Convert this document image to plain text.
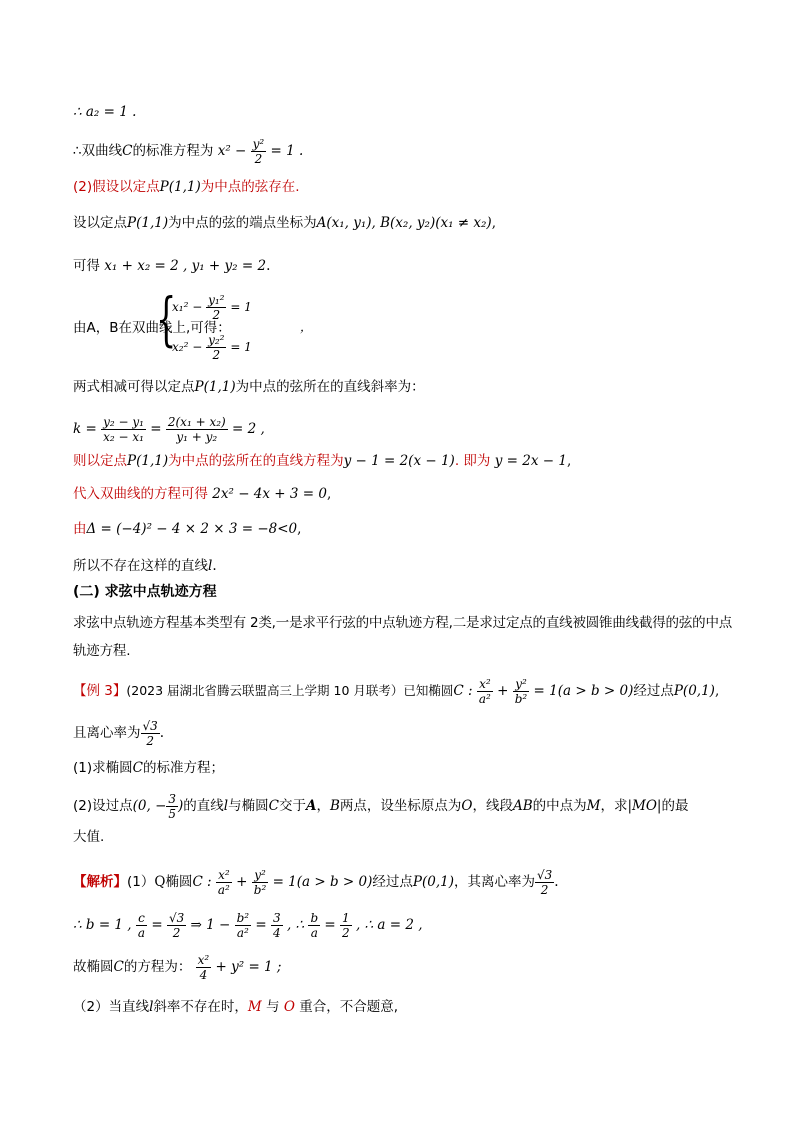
∴ a₂ = 1 .
∴双曲线C的标准方程为 $x^2 - \frac{\text{y²}}{2} = 1$ .
(2)假设以定点P(1,1)为中点的弦存在.
设以定点P(1,1)为中点的弦的端点坐标为A(x₁, y₁), B(x₂, y₂)(x₁ ≠ x₂),
可得 x₁ + x₂ = 2 , y₁ + y₂ = 2.
由A，B在双曲线上,可得：
{
$x_1^2 - \frac{\text{y₁²}}{2} = 1$
$x_2^2 - \frac{\text{y₂²}}{2} = 1$
，
两式相减可得以定点P(1,1)为中点的弦所在的直线斜率为：
$k = \frac{\text{y₂ − y₁}}{\text{x₂ − x₁}} = \frac{\text{2(x₁ + x₂)}}{\text{y₁ + y₂}} = 2$ ,
则以定点P(1,1)为中点的弦所在的直线方程为y − 1 = 2(x − 1). 即为 y = 2x − 1,
代入双曲线的方程可得 2x² − 4x + 3 = 0,
由Δ = (−4)² − 4 × 2 × 3 = −8<0,
所以不存在这样的直线l.
(二) 求弦中点轨迹方程
求弦中点轨迹方程基本类型有 2类,一是求平行弦的中点轨迹方程,二是求过定点的直线被圆锥曲线截得的弦的中点轨迹方程.
【例 3】(2023 届湖北省腾云联盟高三上学期 10 月联考）已知椭圆C : $\frac{\text{x²}}{\text{a²}} + \frac{\text{y²}}{\text{b²}} = 1(a > b > 0)$经过点P(0,1),
且离心率为 $\frac{√3}{2}$ .
(1)求椭圆C的标准方程；
(2)设过点(0, − $\frac{3}{5}$ )的直线l与椭圆C交于A，B两点，设坐标原点为O，线段AB的中点为M，求|MO|的最
大值.
【解析】(1）Q椭圆C : $\frac{\text{x²}}{\text{a²}} + \frac{\text{y²}}{\text{b²}} = 1(a > b > 0)$经过点P(0,1)，其离心率为 $\frac{√3}{2}$ .
∴ b = 1 , $\frac{c}{a} = \frac{√3}{2}$ ⇒ $1 - \frac{\text{b²}}{\text{a²}} = \frac{3}{4}$ , ∴ $\frac{b}{a} = \frac{1}{2}$ , ∴ a = 2 ,
故椭圆C的方程为： $\frac{\text{x²}}{4} + y^2 = 1$ ;
（2）当直线l斜率不存在时，M 与 O 重合，不合题意,
